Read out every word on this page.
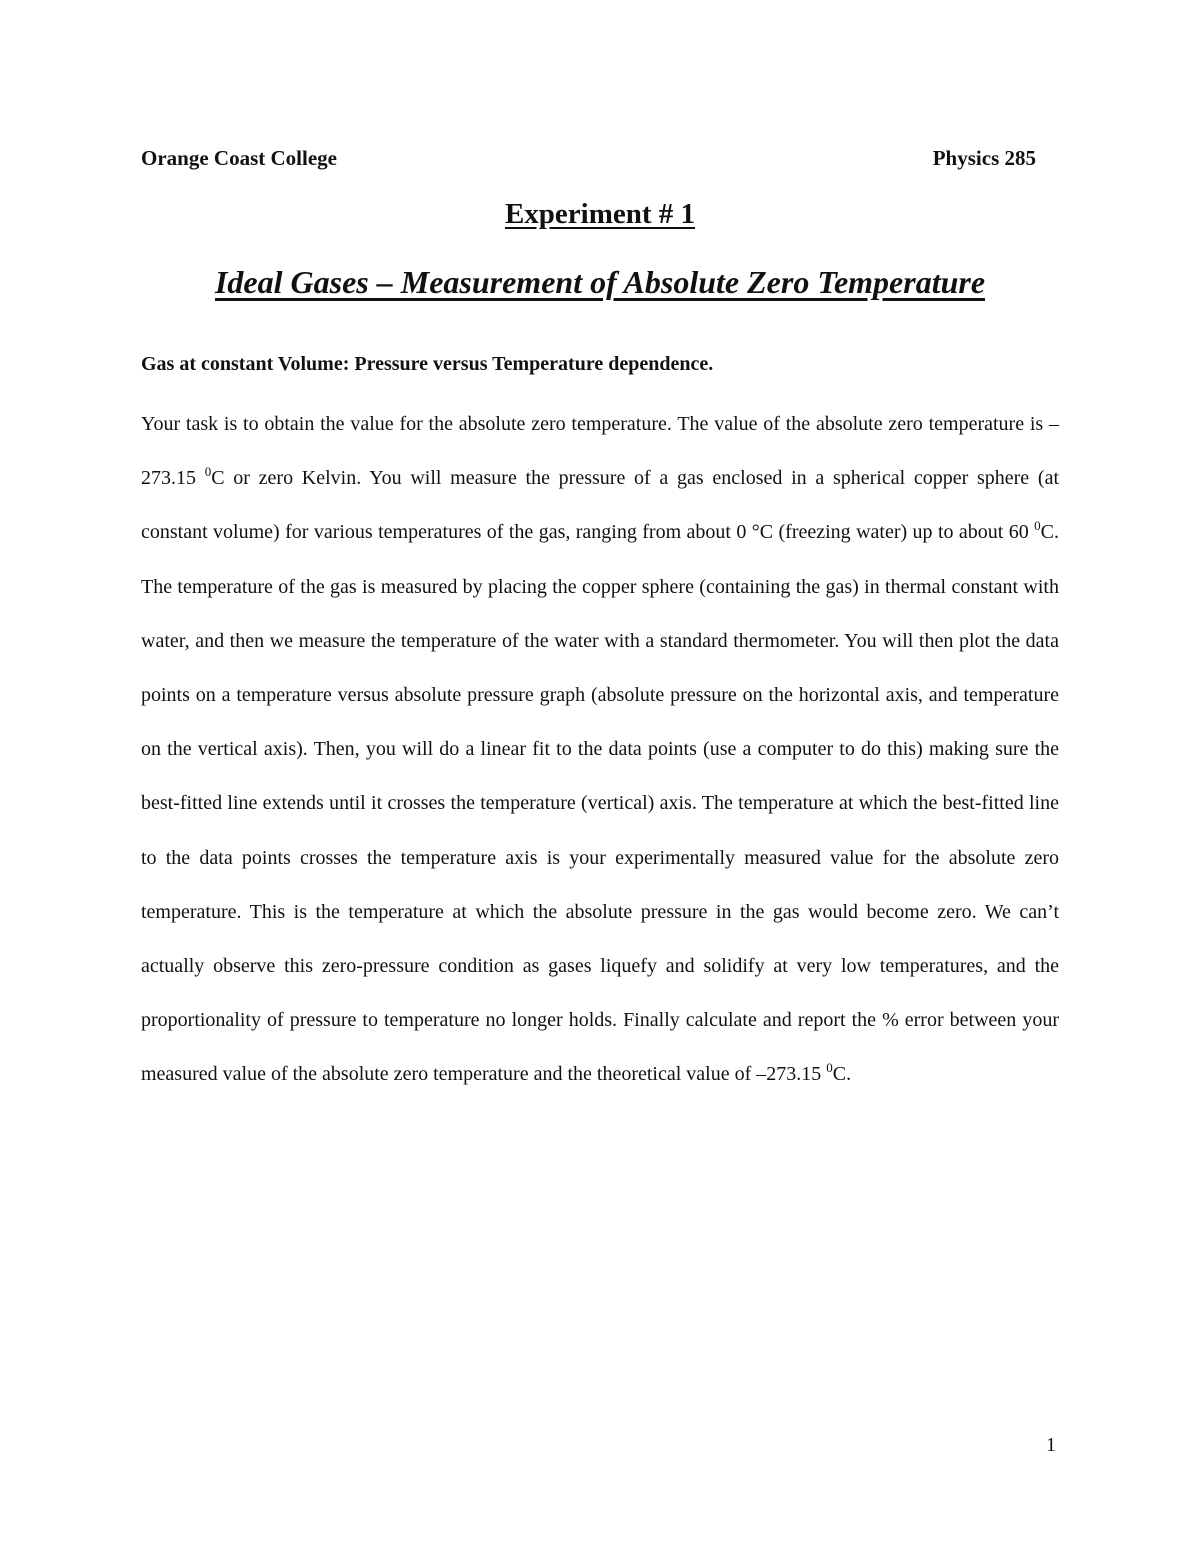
Orange Coast College	Physics 285
Experiment # 1
Ideal Gases – Measurement of Absolute Zero Temperature
Gas at constant Volume: Pressure versus Temperature dependence.

Your task is to obtain the value for the absolute zero temperature. The value of the absolute zero temperature is –273.15 $^0$C or zero Kelvin. You will measure the pressure of a gas enclosed in a spherical copper sphere (at constant volume) for various temperatures of the gas, ranging from about 0 °C (freezing water) up to about 60 $^0$C. The temperature of the gas is measured by placing the copper sphere (containing the gas) in thermal constant with water, and then we measure the temperature of the water with a standard thermometer. You will then plot the data points on a temperature versus absolute pressure graph (absolute pressure on the horizontal axis, and temperature on the vertical axis). Then, you will do a linear fit to the data points (use a computer to do this) making sure the best-fitted line extends until it crosses the temperature (vertical) axis. The temperature at which the best-fitted line to the data points crosses the temperature axis is your experimentally measured value for the absolute zero temperature. This is the temperature at which the absolute pressure in the gas would become zero. We can’t actually observe this zero-pressure condition as gases liquefy and solidify at very low temperatures, and the proportionality of pressure to temperature no longer holds. Finally calculate and report the % error between your measured value of the absolute zero temperature and the theoretical value of –273.15 $^0$C.

1
